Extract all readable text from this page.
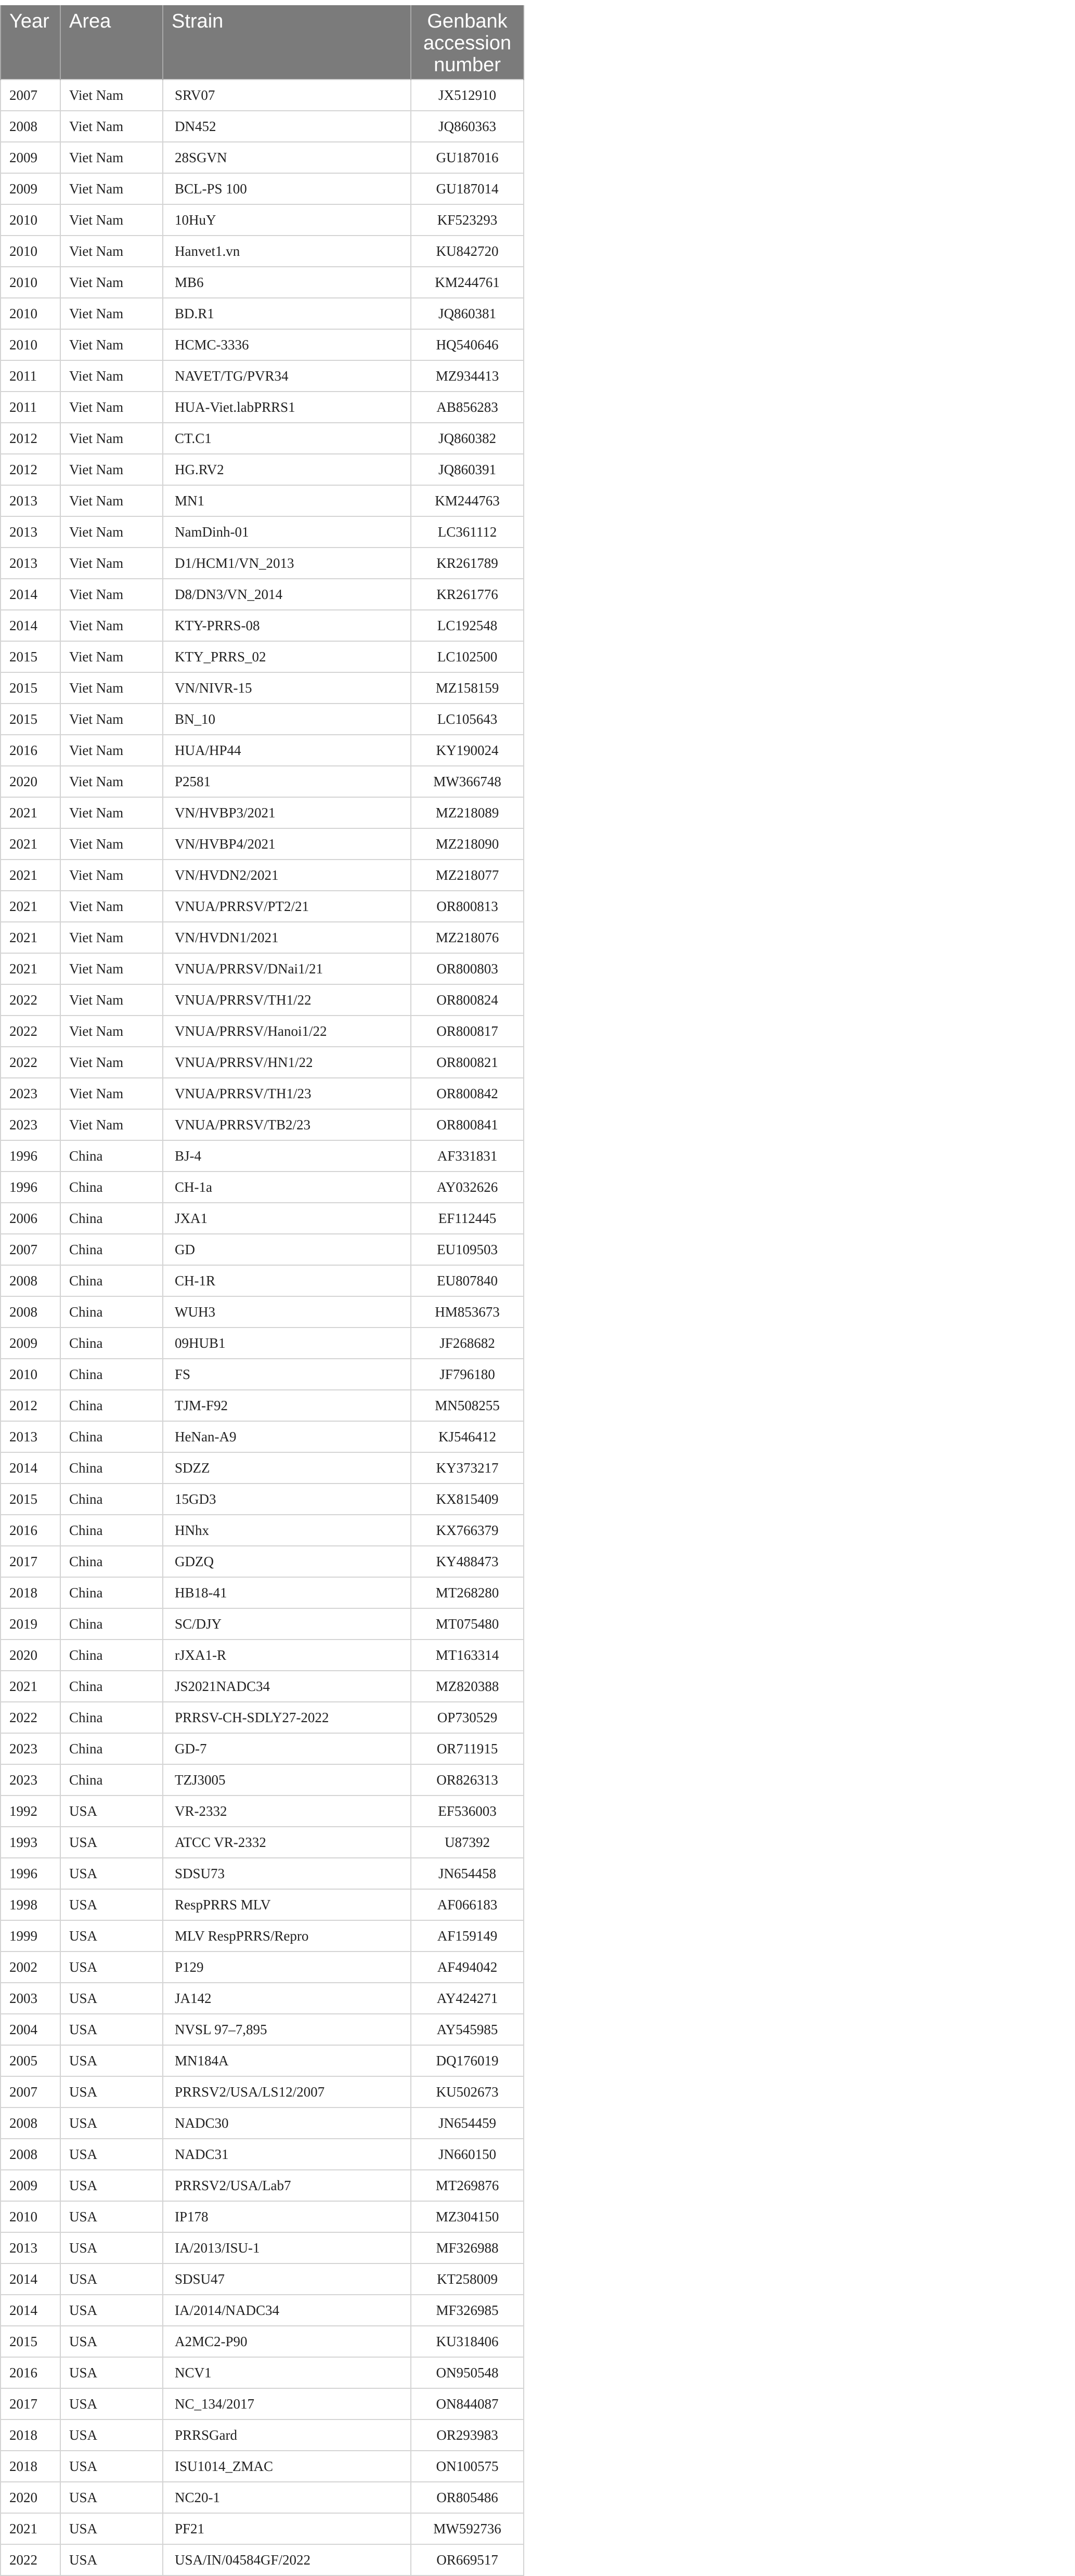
Year	Area	Strain	Genbank accession number
2007	Viet Nam	SRV07	JX512910
2008	Viet Nam	DN452	JQ860363
2009	Viet Nam	28SGVN	GU187016
2009	Viet Nam	BCL-PS 100	GU187014
2010	Viet Nam	10HuY	KF523293
2010	Viet Nam	Hanvet1.vn	KU842720
2010	Viet Nam	MB6	KM244761
2010	Viet Nam	BD.R1	JQ860381
2010	Viet Nam	HCMC-3336	HQ540646
2011	Viet Nam	NAVET/TG/PVR34	MZ934413
2011	Viet Nam	HUA-Viet.labPRRS1	AB856283
2012	Viet Nam	CT.C1	JQ860382
2012	Viet Nam	HG.RV2	JQ860391
2013	Viet Nam	MN1	KM244763
2013	Viet Nam	NamDinh-01	LC361112
2013	Viet Nam	D1/HCM1/VN_2013	KR261789
2014	Viet Nam	D8/DN3/VN_2014	KR261776
2014	Viet Nam	KTY-PRRS-08	LC192548
2015	Viet Nam	KTY_PRRS_02	LC102500
2015	Viet Nam	VN/NIVR-15	MZ158159
2015	Viet Nam	BN_10	LC105643
2016	Viet Nam	HUA/HP44	KY190024
2020	Viet Nam	P2581	MW366748
2021	Viet Nam	VN/HVBP3/2021	MZ218089
2021	Viet Nam	VN/HVBP4/2021	MZ218090
2021	Viet Nam	VN/HVDN2/2021	MZ218077
2021	Viet Nam	VNUA/PRRSV/PT2/21	OR800813
2021	Viet Nam	VN/HVDN1/2021	MZ218076
2021	Viet Nam	VNUA/PRRSV/DNai1/21	OR800803
2022	Viet Nam	VNUA/PRRSV/TH1/22	OR800824
2022	Viet Nam	VNUA/PRRSV/Hanoi1/22	OR800817
2022	Viet Nam	VNUA/PRRSV/HN1/22	OR800821
2023	Viet Nam	VNUA/PRRSV/TH1/23	OR800842
2023	Viet Nam	VNUA/PRRSV/TB2/23	OR800841
1996	China	BJ-4	AF331831
1996	China	CH-1a	AY032626
2006	China	JXA1	EF112445
2007	China	GD	EU109503
2008	China	CH-1R	EU807840
2008	China	WUH3	HM853673
2009	China	09HUB1	JF268682
2010	China	FS	JF796180
2012	China	TJM-F92	MN508255
2013	China	HeNan-A9	KJ546412
2014	China	SDZZ	KY373217
2015	China	15GD3	KX815409
2016	China	HNhx	KX766379
2017	China	GDZQ	KY488473
2018	China	HB18-41	MT268280
2019	China	SC/DJY	MT075480
2020	China	rJXA1-R	MT163314
2021	China	JS2021NADC34	MZ820388
2022	China	PRRSV-CH-SDLY27-2022	OP730529
2023	China	GD-7	OR711915
2023	China	TZJ3005	OR826313
1992	USA	VR-2332	EF536003
1993	USA	ATCC VR-2332	U87392
1996	USA	SDSU73	JN654458
1998	USA	RespPRRS MLV	AF066183
1999	USA	MLV RespPRRS/Repro	AF159149
2002	USA	P129	AF494042
2003	USA	JA142	AY424271
2004	USA	NVSL 97–7,895	AY545985
2005	USA	MN184A	DQ176019
2007	USA	PRRSV2/USA/LS12/2007	KU502673
2008	USA	NADC30	JN654459
2008	USA	NADC31	JN660150
2009	USA	PRRSV2/USA/Lab7	MT269876
2010	USA	IP178	MZ304150
2013	USA	IA/2013/ISU-1	MF326988
2014	USA	SDSU47	KT258009
2014	USA	IA/2014/NADC34	MF326985
2015	USA	A2MC2-P90	KU318406
2016	USA	NCV1	ON950548
2017	USA	NC_134/2017	ON844087
2018	USA	PRRSGard	OR293983
2018	USA	ISU1014_ZMAC	ON100575
2020	USA	NC20-1	OR805486
2021	USA	PF21	MW592736
2022	USA	USA/IN/04584GF/2022	OR669517
